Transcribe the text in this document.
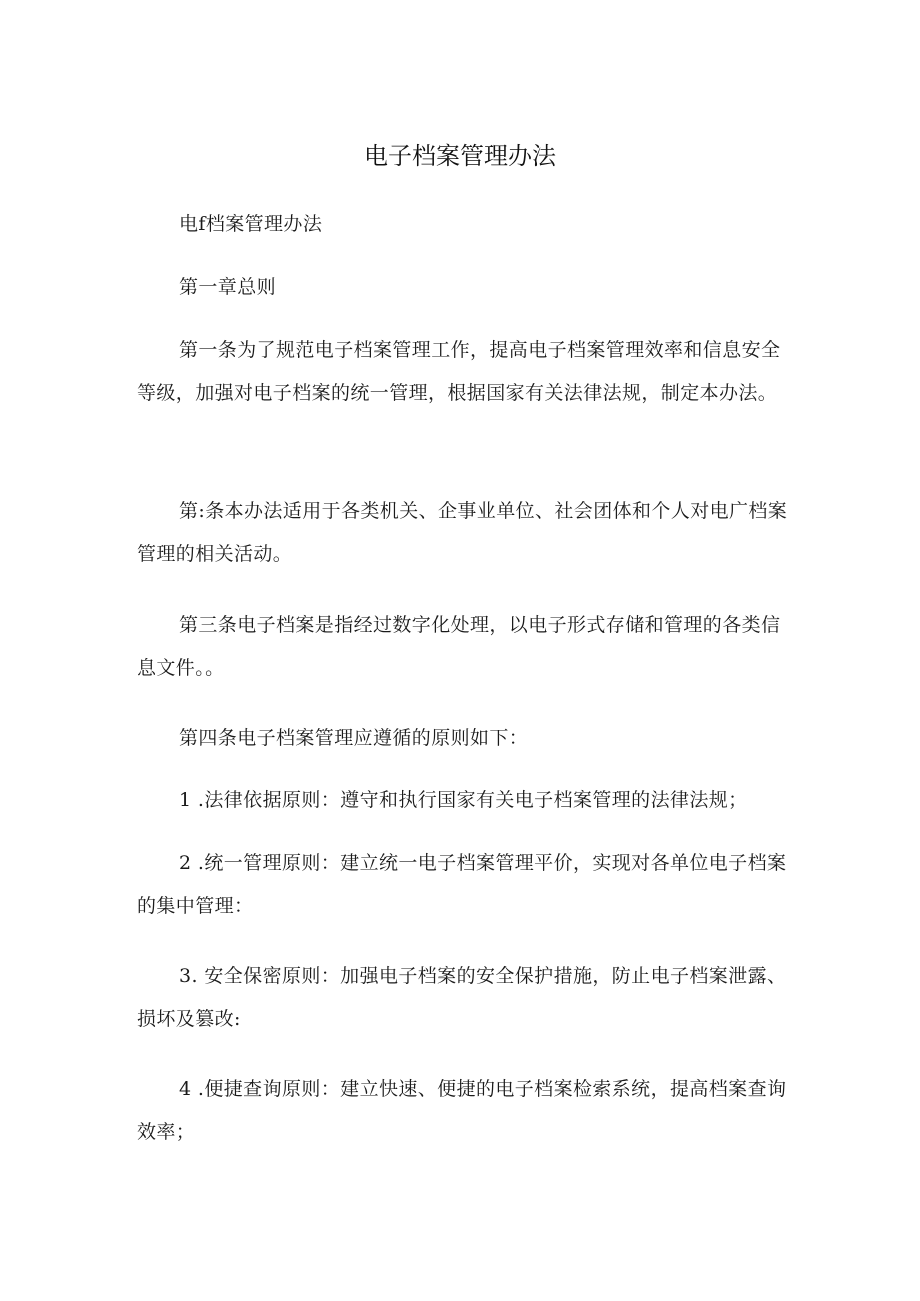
电子档案管理办法

电f档案管理办法

第一章总则

第一条为了规范电子档案管理工作，提高电子档案管理效率和信息安全等级，加强对电子档案的统一管理，根据国家有关法律法规，制定本办法。

第:条本办法适用于各类机关、企事业单位、社会团体和个人对电广档案管理的相关活动。

第三条电子档案是指经过数字化处理，以电子形式存储和管理的各类信息文件。。

第四条电子档案管理应遵循的原则如下：

1 .法律依据原则：遵守和执行国家有关电子档案管理的法律法规；

2 .统一管理原则：建立统一电子档案管理平价，实现对各单位电子档案的集中管理：

3. 安全保密原则：加强电子档案的安全保护措施，防止电子档案泄露、损坏及篡改:

4 .便捷查询原则：建立快速、便捷的电子档案检索系统，提高档案查询效率；
